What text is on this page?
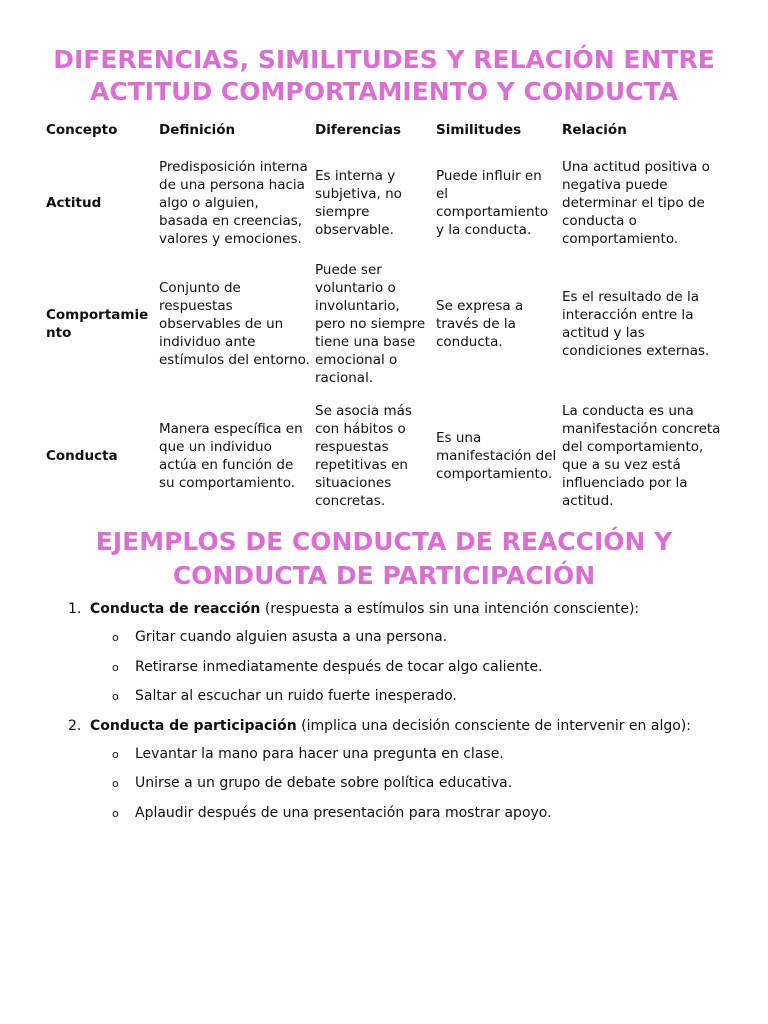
DIFERENCIAS, SIMILITUDES Y RELACIÓN ENTRE ACTITUD COMPORTAMIENTO Y CONDUCTA
Concepto	Definición	Diferencias	Similitudes	Relación
Actitud	Predisposición interna de una persona hacia algo o alguien, basada en creencias, valores y emociones.	Es interna y subjetiva, no siempre observable.	Puede influir en el comportamiento y la conducta.	Una actitud positiva o negativa puede determinar el tipo de conducta o comportamiento.
Comportamiento	Conjunto de respuestas observables de un individuo ante estímulos del entorno.	Puede ser voluntario o involuntario, pero no siempre tiene una base emocional o racional.	Se expresa a través de la conducta.	Es el resultado de la interacción entre la actitud y las condiciones externas.
Conducta	Manera específica en que un individuo actúa en función de su comportamiento.	Se asocia más con hábitos o respuestas repetitivas en situaciones concretas.	Es una manifestación del comportamiento.	La conducta es una manifestación concreta del comportamiento, que a su vez está influenciado por la actitud.
EJEMPLOS DE CONDUCTA DE REACCIÓN Y CONDUCTA DE PARTICIPACIÓN
1. Conducta de reacción (respuesta a estímulos sin una intención consciente):
o	Gritar cuando alguien asusta a una persona.
o	Retirarse inmediatamente después de tocar algo caliente.
o	Saltar al escuchar un ruido fuerte inesperado.
2. Conducta de participación (implica una decisión consciente de intervenir en algo):
o	Levantar la mano para hacer una pregunta en clase.
o	Unirse a un grupo de debate sobre política educativa.
o	Aplaudir después de una presentación para mostrar apoyo.
